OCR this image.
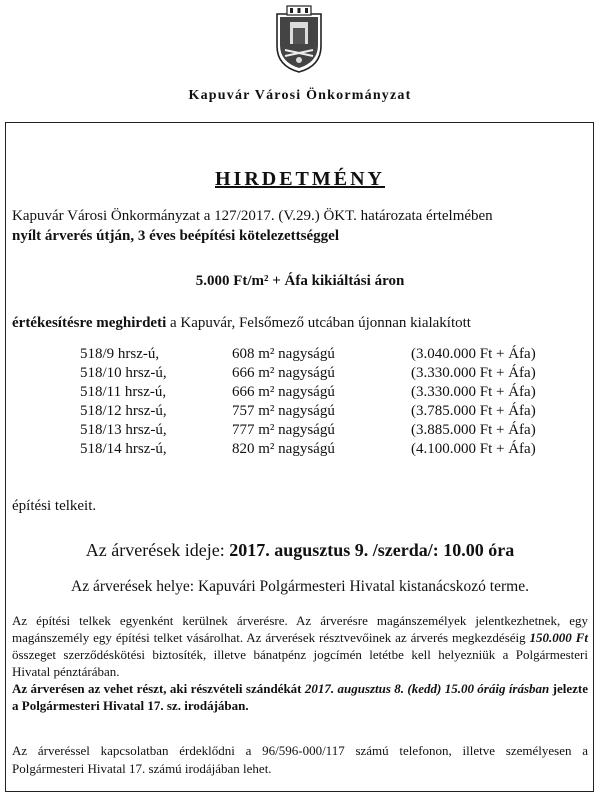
Kapuvár Városi Önkormányzat
HIRDETMÉNY
Kapuvár Városi Önkormányzat a 127/2017. (V.29.) ÖKT. határozata értelmében
nyílt árverés útján, 3 éves beépítési kötelezettséggel
5.000 Ft/m² + Áfa kikiáltási áron
értékesítésre meghirdeti a Kapuvár, Felsőmező utcában újonnan kialakított
518/9 hrsz-ú,	608 m² nagyságú	(3.040.000 Ft + Áfa)
518/10 hrsz-ú,	666 m² nagyságú	(3.330.000 Ft + Áfa)
518/11 hrsz-ú,	666 m² nagyságú	(3.330.000 Ft + Áfa)
518/12 hrsz-ú,	757 m² nagyságú	(3.785.000 Ft + Áfa)
518/13 hrsz-ú,	777 m² nagyságú	(3.885.000 Ft + Áfa)
518/14 hrsz-ú,	820 m² nagyságú	(4.100.000 Ft + Áfa)
építési telkeit.
Az árverések ideje: 2017. augusztus 9. /szerda/: 10.00 óra
Az árverések helye: Kapuvári Polgármesteri Hivatal kistanácskozó terme.

Az építési telkek egyenként kerülnek árverésre. Az árverésre magánszemélyek jelentkezhetnek, egy magánszemély egy építési telket vásárolhat. Az árverések résztvevőinek az árverés megkezdéséig 150.000 Ft összeget szerződéskötési biztosíték, illetve bánatpénz jogcímén letétbe kell helyezniük a Polgármesteri Hivatal pénztárában.

Az árverésen az vehet részt, aki részvételi szándékát 2017. augusztus 8. (kedd) 15.00 óráig írásban jelezte a Polgármesteri Hivatal 17. sz. irodájában.

Az árveréssel kapcsolatban érdeklődni a 96/596-000/117 számú telefonon, illetve személyesen a Polgármesteri Hivatal 17. számú irodájában lehet.
